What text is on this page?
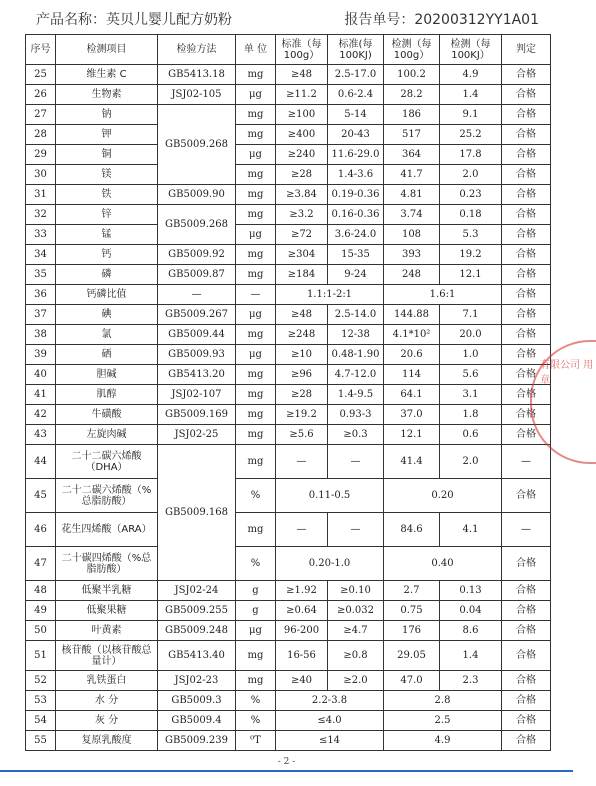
产品名称：英贝儿婴儿配方奶粉	报告单号：20200312YY1A01
序号	检测项目	检验方法	单 位	标准（每100g）	标准(每100KJ)	检测（每100g）	检测（每100KJ）	判定
25	维生素 C	GB5413.18	mg	≥48	2.5-17.0	100.2	4.9	合格
26	生物素	JSJ02-105	μg	≥11.2	0.6-2.4	28.2	1.4	合格
27	钠	GB5009.268	mg	≥100	5-14	186	9.1	合格
28	钾		mg	≥400	20-43	517	25.2	合格
29	铜		μg	≥240	11.6-29.0	364	17.8	合格
30	镁		mg	≥28	1.4-3.6	41.7	2.0	合格
31	铁	GB5009.90	mg	≥3.84	0.19-0.36	4.81	0.23	合格
32	锌	GB5009.268	mg	≥3.2	0.16-0.36	3.74	0.18	合格
33	锰		μg	≥72	3.6-24.0	108	5.3	合格
34	钙	GB5009.92	mg	≥304	15-35	393	19.2	合格
35	磷	GB5009.87	mg	≥184	9-24	248	12.1	合格
36	钙磷比值	—	—	1.1:1-2:1		1.6:1		合格
37	碘	GB5009.267	μg	≥48	2.5-14.0	144.88	7.1	合格
38	氯	GB5009.44	mg	≥248	12-38	4.1*10²	20.0	合格
39	硒	GB5009.93	μg	≥10	0.48-1.90	20.6	1.0	合格
40	胆碱	GB5413.20	mg	≥96	4.7-12.0	114	5.6	合格
41	肌醇	JSJ02-107	mg	≥28	1.4-9.5	64.1	3.1	合格
42	牛磺酸	GB5009.169	mg	≥19.2	0.93-3	37.0	1.8	合格
43	左旋肉碱	JSJ02-25	mg	≥5.6	≥0.3	12.1	0.6	合格
44	二十二碳六烯酸（DHA）	GB5009.168	mg	—	—	41.4	2.0	—
45	二十二碳六烯酸（%总脂肪酸）		%	0.11-0.5		0.20		合格
46	花生四烯酸（ARA）		mg	—	—	84.6	4.1	—
47	二十碳四烯酸（%总脂肪酸）		%	0.20-1.0		0.40		合格
48	低聚半乳糖	JSJ02-24	g	≥1.92	≥0.10	2.7	0.13	合格
49	低聚果糖	GB5009.255	g	≥0.64	≥0.032	0.75	0.04	合格
50	叶黄素	GB5009.248	μg	96-200	≥4.7	176	8.6	合格
51	核苷酸（以核苷酸总量计）	GB5413.40	mg	16-56	≥0.8	29.05	1.4	合格
52	乳铁蛋白	JSJ02-23	mg	≥40	≥2.0	47.0	2.3	合格
53	水 分	GB5009.3	%	2.2-3.8		2.8		合格
54	灰 分	GB5009.4	%	≤4.0		2.5		合格
55	复原乳酸度	GB5009.239	⁰T	≤14		4.9		合格
有限公司 用章
- 2 -
